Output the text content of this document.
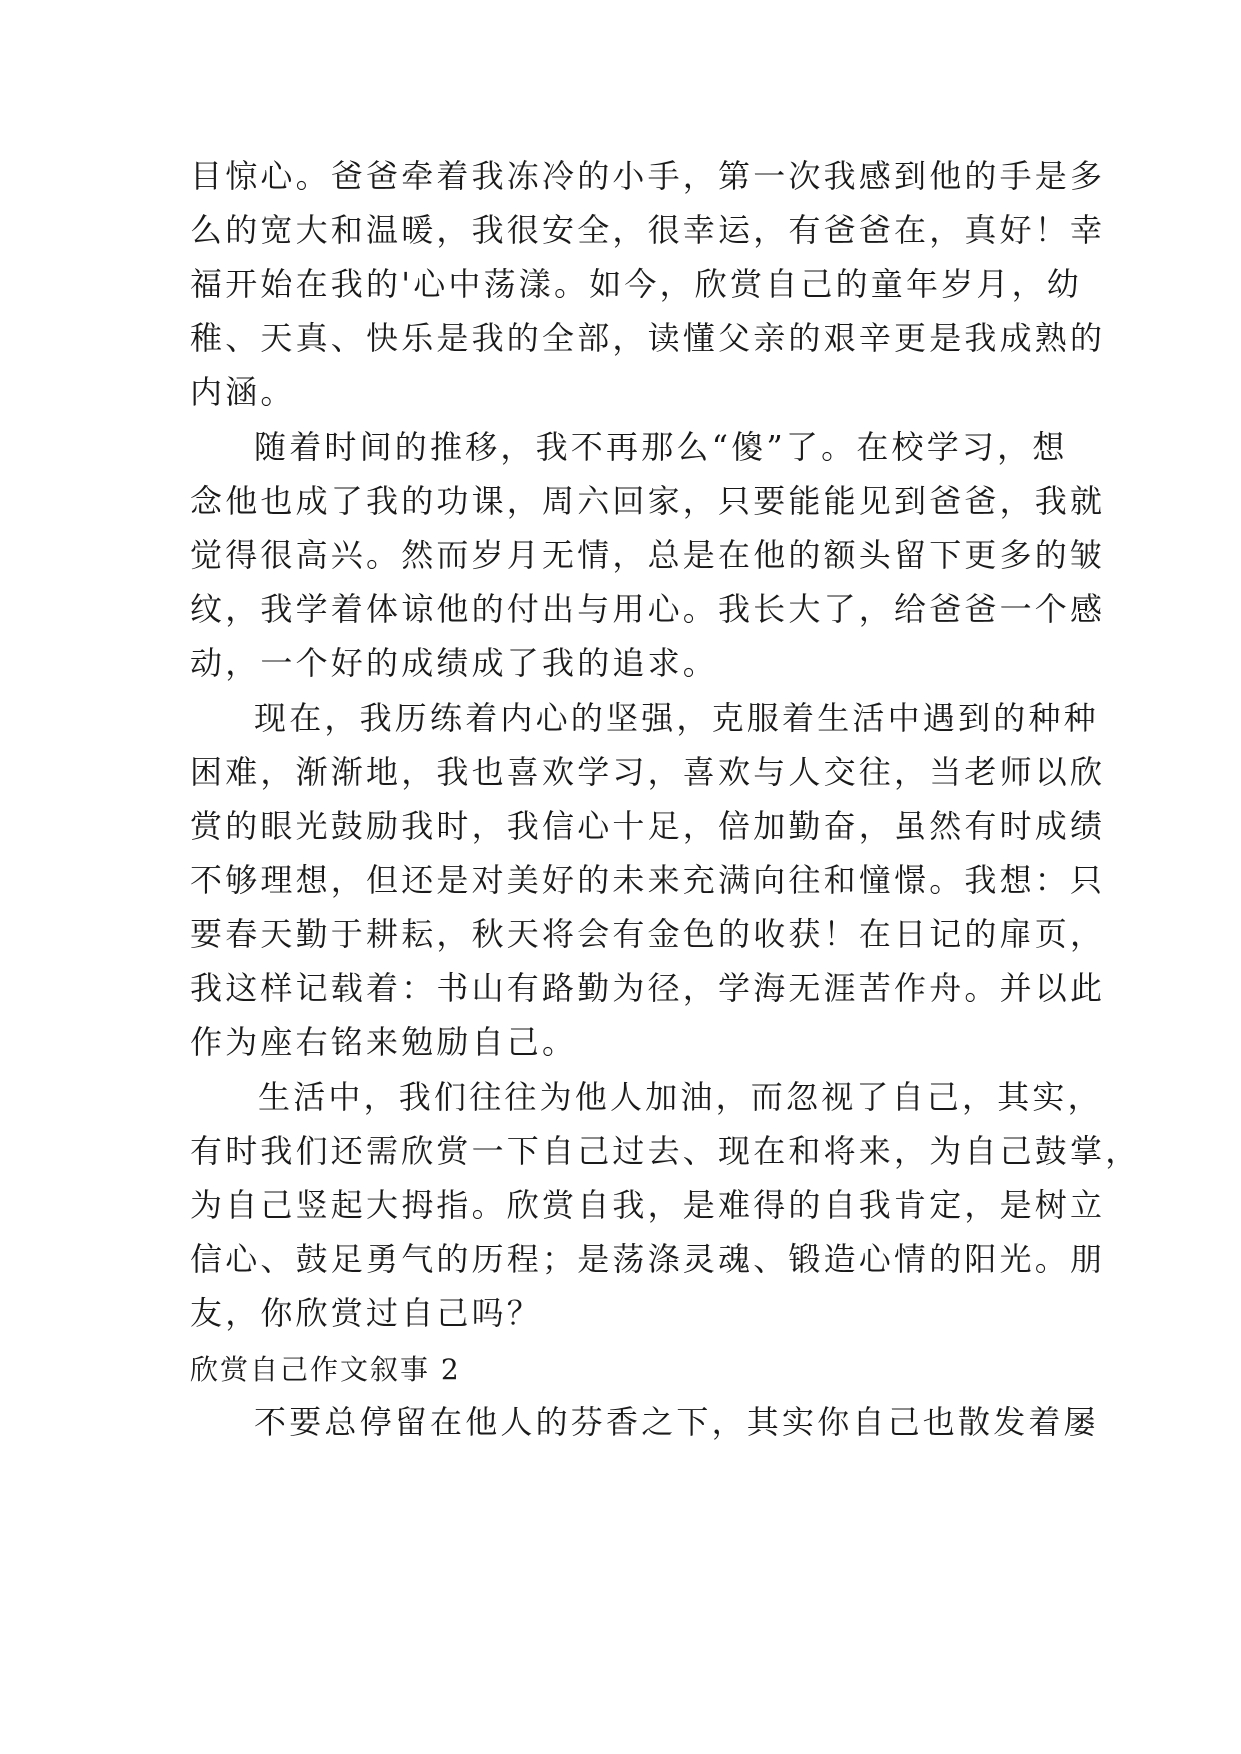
目惊心。爸爸牵着我冻冷的小手，第一次我感到他的手是多
么的宽大和温暖，我很安全，很幸运，有爸爸在，真好！幸
福开始在我的'心中荡漾。如今，欣赏自己的童年岁月，幼
稚、天真、快乐是我的全部，读懂父亲的艰辛更是我成熟的
内涵。
随着时间的推移，我不再那么“傻”了。在校学习，想
念他也成了我的功课，周六回家，只要能能见到爸爸，我就
觉得很高兴。然而岁月无情，总是在他的额头留下更多的皱
纹，我学着体谅他的付出与用心。我长大了，给爸爸一个感
动，一个好的成绩成了我的追求。
现在，我历练着内心的坚强，克服着生活中遇到的种种
困难，渐渐地，我也喜欢学习，喜欢与人交往，当老师以欣
赏的眼光鼓励我时，我信心十足，倍加勤奋，虽然有时成绩
不够理想，但还是对美好的未来充满向往和憧憬。我想：只
要春天勤于耕耘，秋天将会有金色的收获！在日记的扉页，
我这样记载着：书山有路勤为径，学海无涯苦作舟。并以此
作为座右铭来勉励自己。
生活中，我们往往为他人加油，而忽视了自己，其实，
有时我们还需欣赏一下自己过去、现在和将来，为自己鼓掌，
为自己竖起大拇指。欣赏自我，是难得的自我肯定，是树立
信心、鼓足勇气的历程；是荡涤灵魂、锻造心情的阳光。朋
友，你欣赏过自己吗？
欣赏自己作文叙事 2
不要总停留在他人的芬香之下，其实你自己也散发着屡
